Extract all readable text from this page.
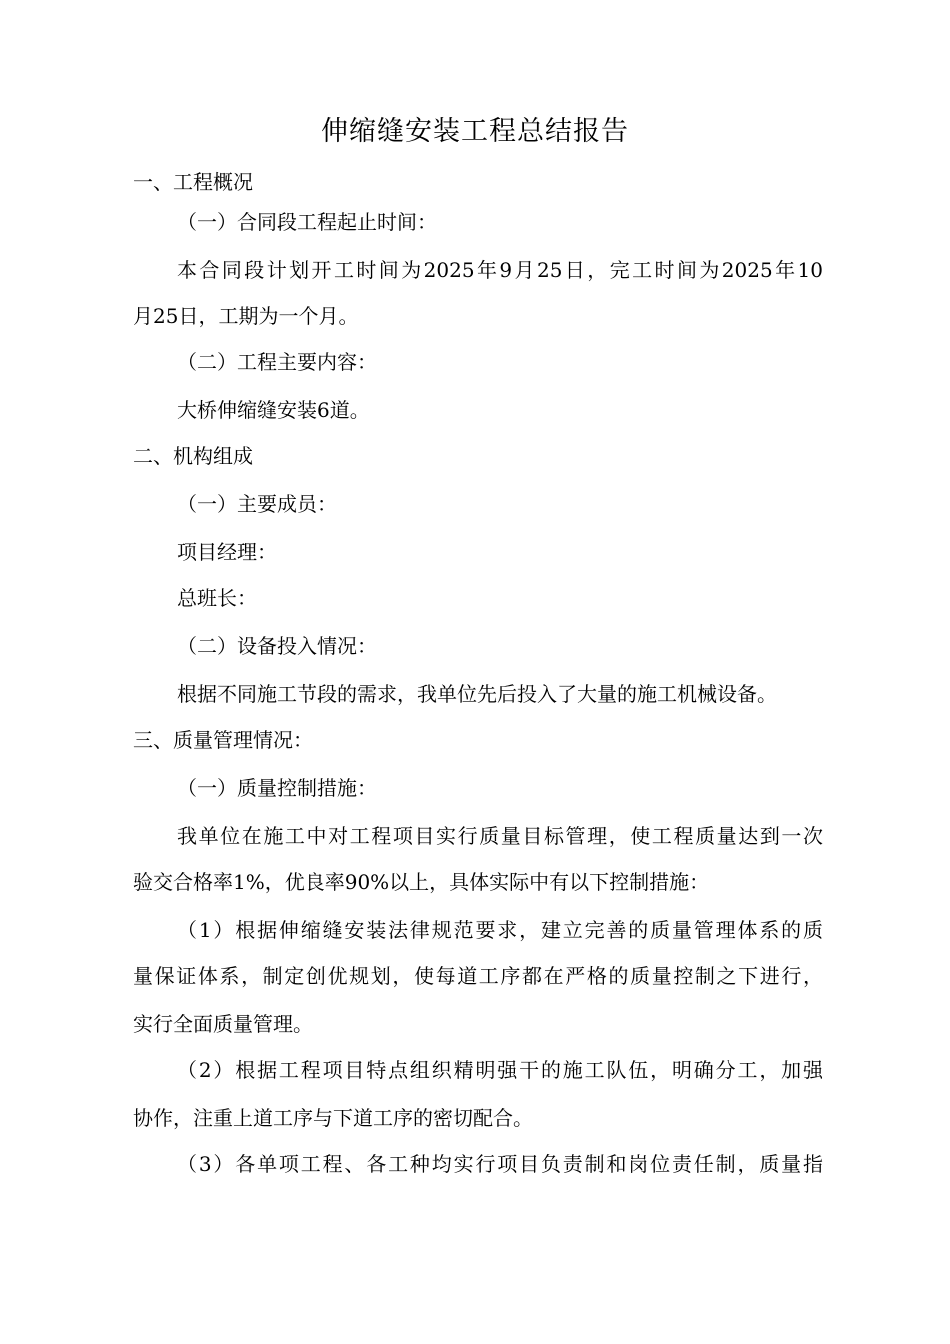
伸缩缝安装工程总结报告
一、工程概况
（一）合同段工程起止时间：
本合同段计划开工时间为2025年9月25日，完工时间为2025年10
月25日，工期为一个月。
（二）工程主要内容：
大桥伸缩缝安装6道。
二、机构组成
（一）主要成员：
项目经理：
总班长：
（二）设备投入情况：
根据不同施工节段的需求，我单位先后投入了大量的施工机械设备。
三、质量管理情况：
（一）质量控制措施：
我单位在施工中对工程项目实行质量目标管理，使工程质量达到一次
验交合格率1%，优良率90%以上，具体实际中有以下控制措施：
（1）根据伸缩缝安装法律规范要求，建立完善的质量管理体系的质
量保证体系，制定创优规划，使每道工序都在严格的质量控制之下进行，
实行全面质量管理。
（2）根据工程项目特点组织精明强干的施工队伍，明确分工，加强
协作，注重上道工序与下道工序的密切配合。
（3）各单项工程、各工种均实行项目负责制和岗位责任制，质量指
